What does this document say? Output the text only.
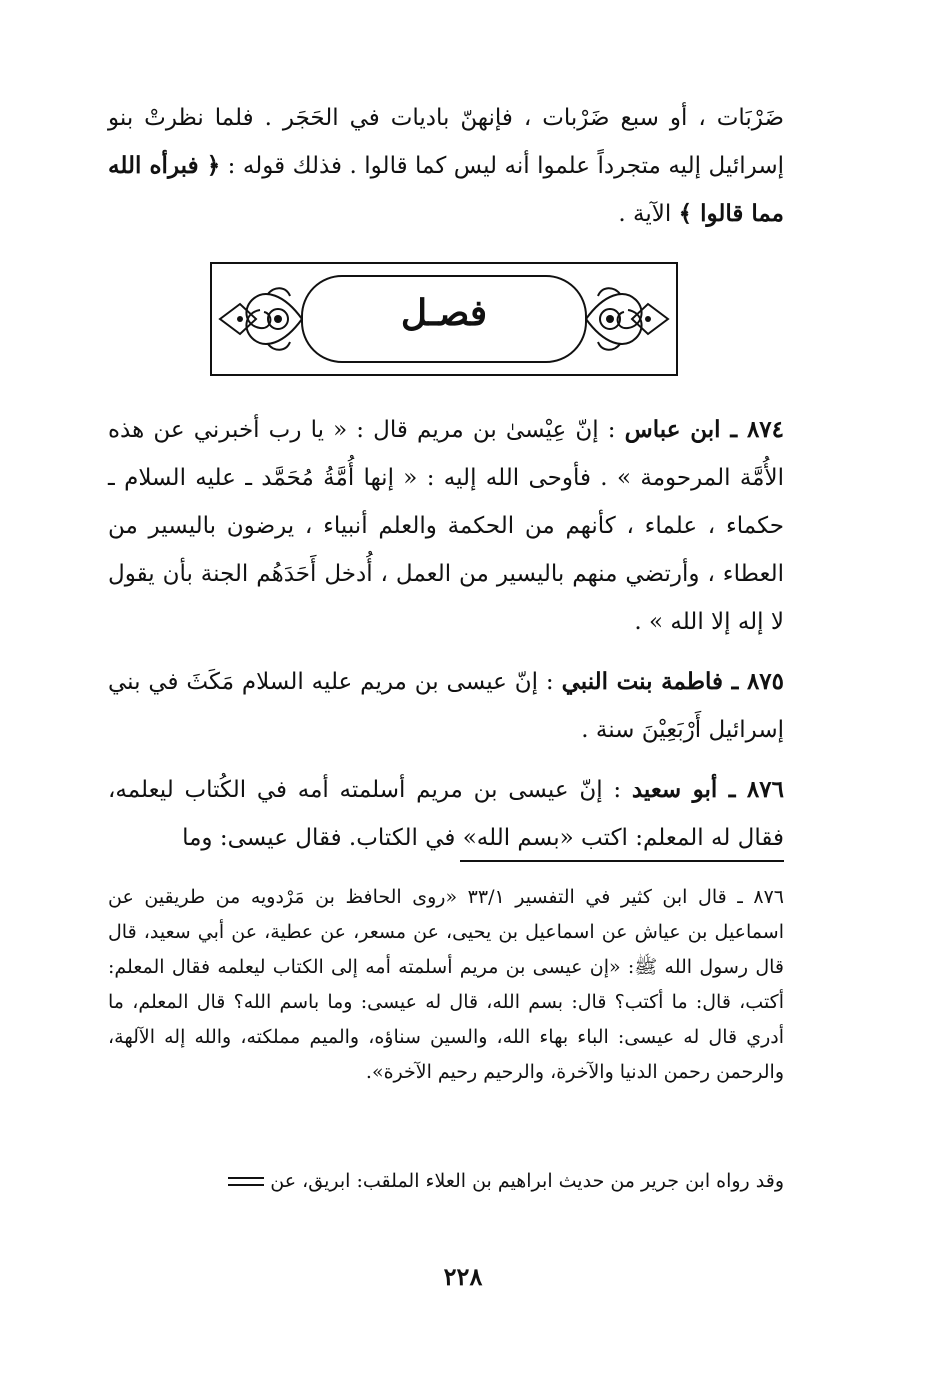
ضَرْبَات ، أو سبع ضَرْبات ، فإنهنّ باديات في الحَجَر . فلما نظرتْ بنو إسرائيل إليه متجرداً علموا أنه ليس كما قالوا . فذلك قوله : ﴿ فبرأه الله مما قالوا ﴾ الآية .
فصـل
٨٧٤ ـ ابن عباس : إنّ عِيْسىٰ بن مريم قال : « يا رب أخبرني عن هذه الأُمَّة المرحومة » . فأوحى الله إليه : « إنها أُمَّةُ مُحَمَّد ـ عليه السلام ـ حكماء ، علماء ، كأنهم من الحكمة والعلم أنبياء ، يرضون باليسير من العطاء ، وأرتضي منهم باليسير من العمل ، أُدخل أَحَدَهُم الجنة بأن يقول لا إله إلا الله » .
٨٧٥ ـ فاطمة بنت النبي : إنّ عيسى بن مريم عليه السلام مَكَثَ في بني إسرائيل أَرْبَعِيْنَ سنة .
٨٧٦ ـ أبو سعيد : إنّ عيسى بن مريم أسلمته أمه في الكُتاب ليعلمه، فقال له المعلم: اكتب «بسم الله» في الكتاب. فقال عيسى: وما
٨٧٦ ـ قال ابن كثير في التفسير ٣٣/١ «روى الحافظ بن مَرْدويه من طريقين عن اسماعيل بن عياش عن اسماعيل بن يحيى، عن مسعر، عن عطية، عن أبي سعيد، قال قال رسول الله ﷺ: «إن عيسى بن مريم أسلمته أمه إلى الكتاب ليعلمه فقال المعلم: أكتب، قال: ما أكتب؟ قال: بسم الله، قال له عيسى: وما باسم الله؟ قال المعلم، ما أدري قال له عيسى: الباء بهاء الله، والسين سناؤه، والميم مملكته، والله إله الآلهة، والرحمن رحمن الدنيا والآخرة، والرحيم رحيم الآخرة».
وقد رواه ابن جرير من حديث ابراهيم بن العلاء الملقب: ابريق، عن
٢٢٨
